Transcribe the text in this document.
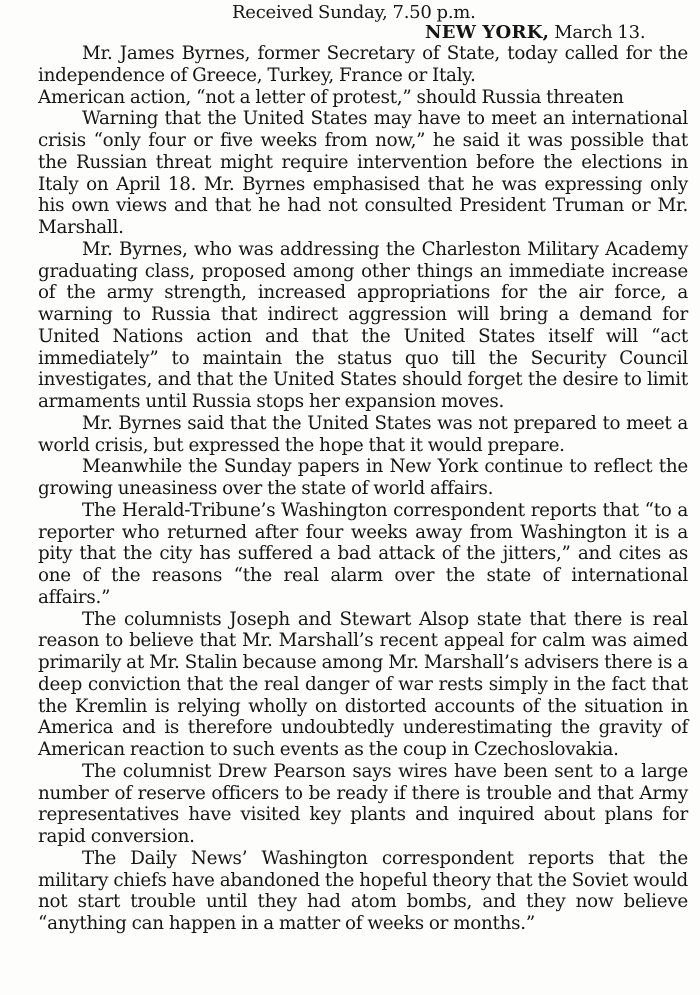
Received Sunday, 7.50 p.m.
NEW YORK, March 13.

Mr. James Byrnes, former Secretary of State, today called for the independence of Greece, Turkey, France or Italy.

American action, “not a letter of protest,” should Russia threaten

Warning that the United States may have to meet an international crisis “only four or five weeks from now,” he said it was possible that the Russian threat might require intervention before the elections in Italy on April 18. Mr. Byrnes emphasised that he was expressing only his own views and that he had not consulted President Truman or Mr. Marshall.

Mr. Byrnes, who was addressing the Charleston Military Academy graduating class, proposed among other things an immediate increase of the army strength, increased appropriations for the air force, a warning to Russia that indirect aggression will bring a demand for United Nations action and that the United States itself will “act immediately” to maintain the status quo till the Security Council investigates, and that the United States should forget the desire to limit armaments until Russia stops her expansion moves.

Mr. Byrnes said that the United States was not prepared to meet a world crisis, but expressed the hope that it would prepare.

Meanwhile the Sunday papers in New York continue to reflect the growing uneasiness over the state of world affairs.

The Herald-Tribune’s Washington correspondent reports that “to a reporter who returned after four weeks away from Washington it is a pity that the city has suffered a bad attack of the jitters,” and cites as one of the reasons “the real alarm over the state of international affairs.”

The columnists Joseph and Stewart Alsop state that there is real reason to believe that Mr. Marshall’s recent appeal for calm was aimed primarily at Mr. Stalin because among Mr. Marshall’s advisers there is a deep conviction that the real danger of war rests simply in the fact that the Kremlin is relying wholly on distorted accounts of the situation in America and is therefore undoubtedly underestimating the gravity of American reaction to such events as the coup in Czechoslovakia.

The columnist Drew Pearson says wires have been sent to a large number of reserve officers to be ready if there is trouble and that Army representatives have visited key plants and inquired about plans for rapid conversion.

The Daily News’ Washington correspondent reports that the military chiefs have abandoned the hopeful theory that the Soviet would not start trouble until they had atom bombs, and they now believe “anything can happen in a matter of weeks or months.”
